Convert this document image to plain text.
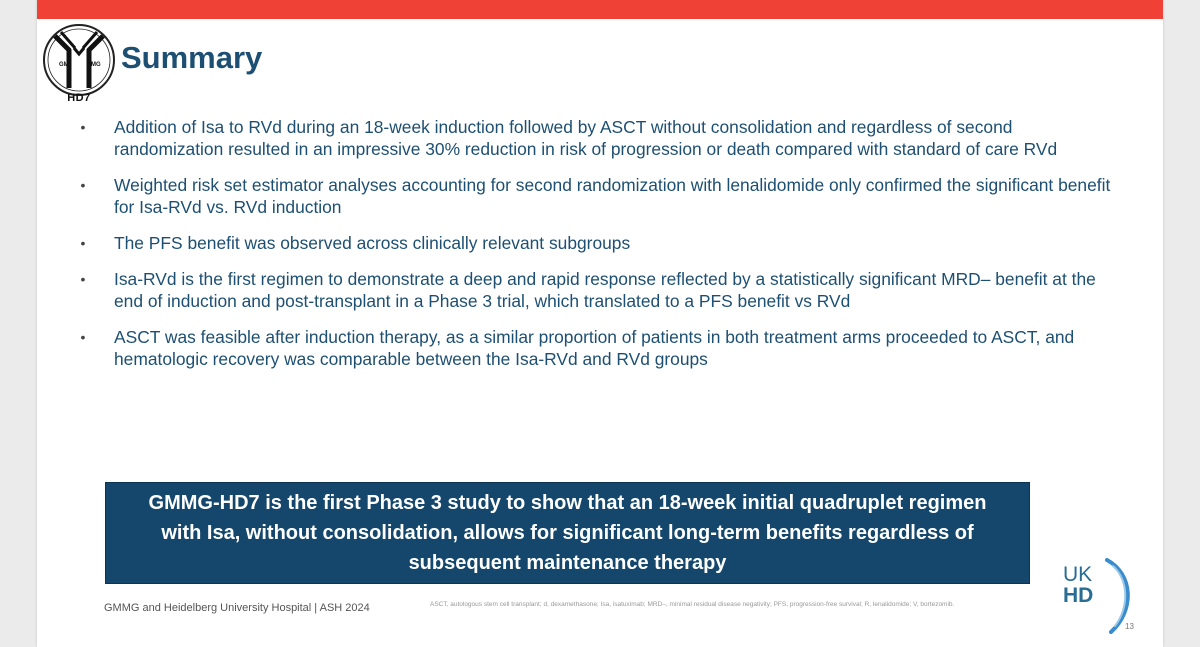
GM	MG
HD7
Summary
• Addition of Isa to RVd during an 18-week induction followed by ASCT without consolidation and regardless of second randomization resulted in an impressive 30% reduction in risk of progression or death compared with standard of care RVd
• Weighted risk set estimator analyses accounting for second randomization with lenalidomide only confirmed the significant benefit for Isa-RVd vs. RVd induction
• The PFS benefit was observed across clinically relevant subgroups
• Isa-RVd is the first regimen to demonstrate a deep and rapid response reflected by a statistically significant MRD– benefit at the end of induction and post-transplant in a Phase 3 trial, which translated to a PFS benefit vs RVd
• ASCT was feasible after induction therapy, as a similar proportion of patients in both treatment arms proceeded to ASCT, and hematologic recovery was comparable between the Isa-RVd and RVd groups

GMMG-HD7 is the first Phase 3 study to show that an 18-week initial quadruplet regimen with Isa, without consolidation, allows for significant long-term benefits regardless of subsequent maintenance therapy

GMMG and Heidelberg University Hospital | ASH 2024	ASCT, autologous stem cell transplant; d, dexamethasone; Isa, isatuximab; MRD–, minimal residual disease negativity; PFS, progression-free survival; R, lenalidomide; V, bortezomib.
UK
HD
13
